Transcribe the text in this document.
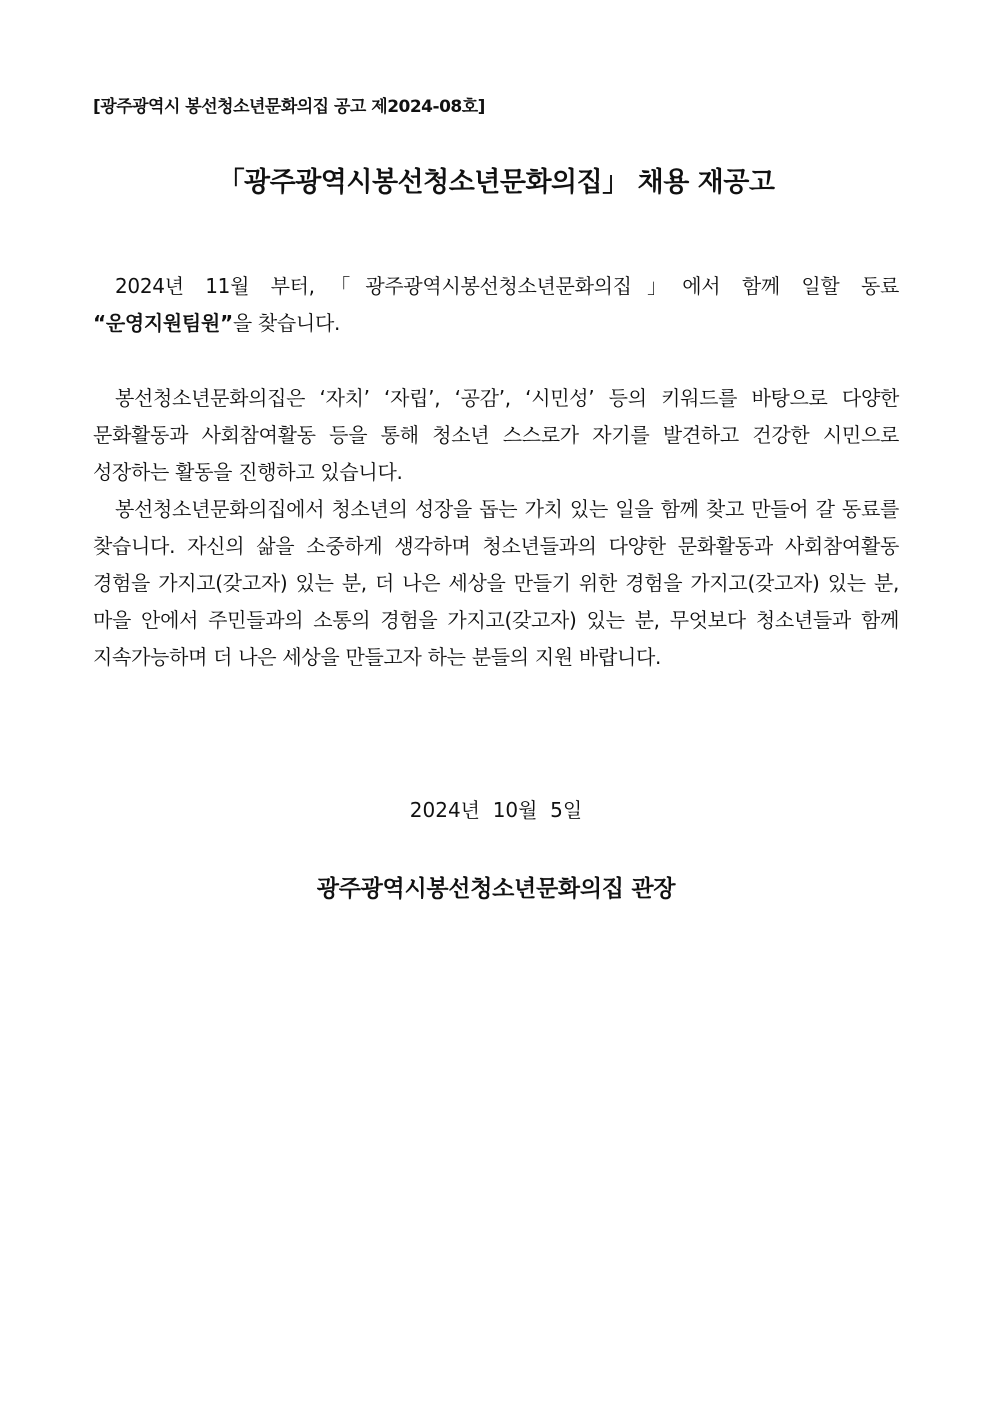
[광주광역시 봉선청소년문화의집 공고 제2024-08호]
「광주광역시봉선청소년문화의집」 채용 재공고

2024년 11월 부터,「광주광역시봉선청소년문화의집」에서 함께 일할 동료 “운영지원팀원”을 찾습니다.

봉선청소년문화의집은 ‘자치’ ‘자립’, ‘공감’, ‘시민성’ 등의 키워드를 바탕으로 다양한 문화활동과 사회참여활동 등을 통해 청소년 스스로가 자기를 발견하고 건강한 시민으로 성장하는 활동을 진행하고 있습니다.

봉선청소년문화의집에서 청소년의 성장을 돕는 가치 있는 일을 함께 찾고 만들어 갈 동료를 찾습니다. 자신의 삶을 소중하게 생각하며 청소년들과의 다양한 문화활동과 사회참여활동 경험을 가지고(갖고자) 있는 분, 더 나은 세상을 만들기 위한 경험을 가지고(갖고자) 있는 분, 마을 안에서 주민들과의 소통의 경험을 가지고(갖고자) 있는 분, 무엇보다 청소년들과 함께 지속가능하며 더 나은 세상을 만들고자 하는 분들의 지원 바랍니다.

2024년  10월  5일
광주광역시봉선청소년문화의집 관장
